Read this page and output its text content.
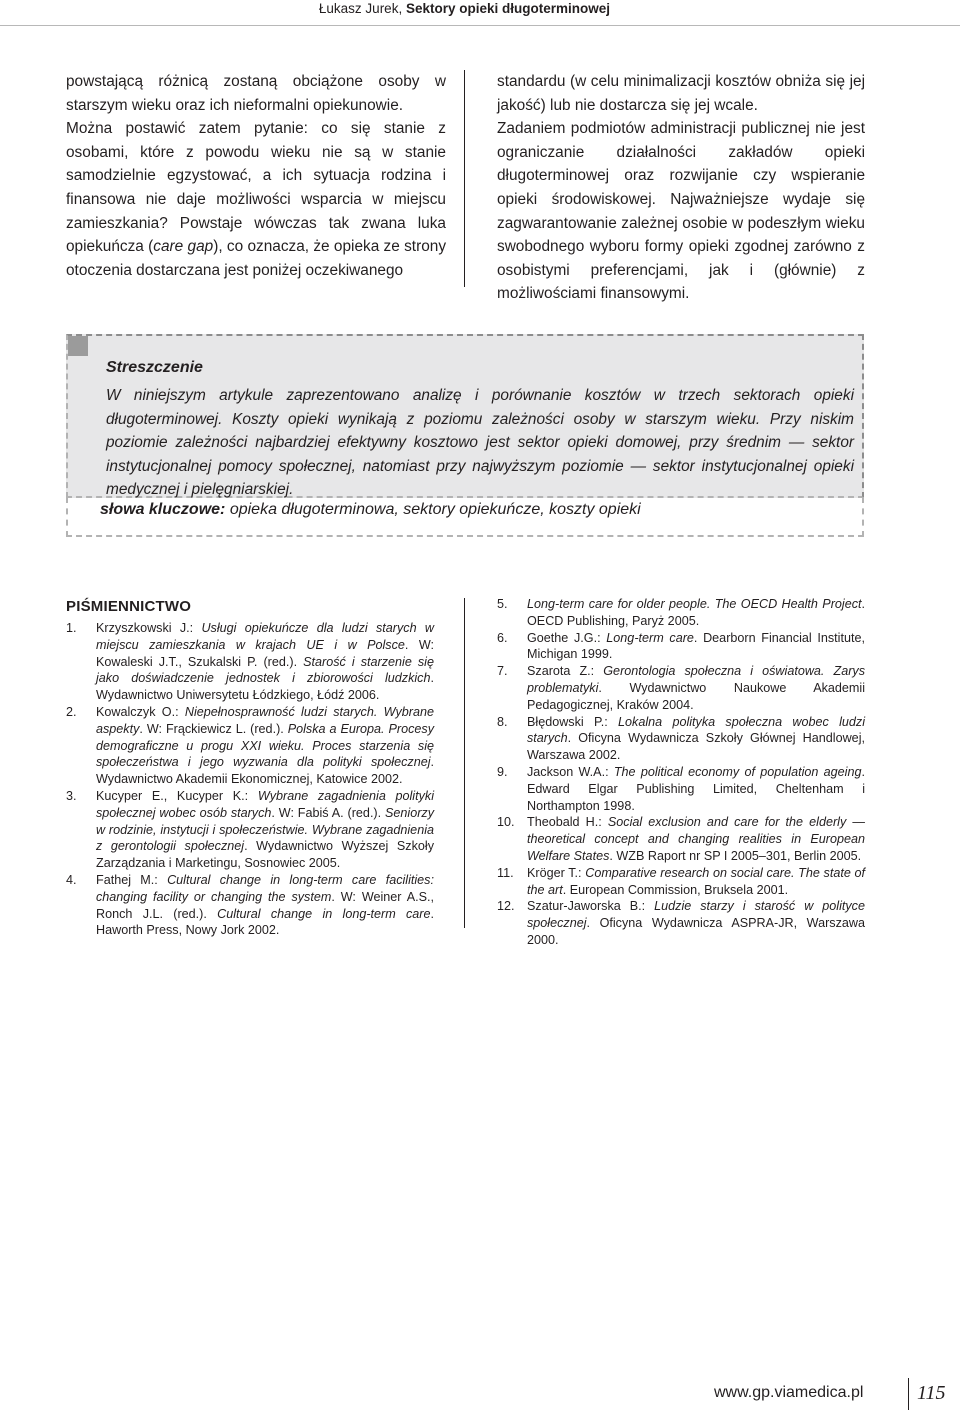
Łukasz Jurek, Sektory opieki długoterminowej

powstającą różnicą zostaną obciążone osoby w starszym wieku oraz ich nieformalni opiekunowie.

Można postawić zatem pytanie: co się stanie z osobami, które z powodu wieku nie są w stanie samodzielnie egzystować, a ich sytuacja rodzina i finansowa nie daje możliwości wsparcia w miejscu zamieszkania? Powstaje wówczas tak zwana luka opiekuńcza (care gap), co oznacza, że opieka ze strony otoczenia dostarczana jest poniżej oczekiwanego

standardu (w celu minimalizacji kosztów obniża się jej jakość) lub nie dostarcza się jej wcale.

Zadaniem podmiotów administracji publicznej nie jest ograniczanie działalności zakładów opieki długoterminowej oraz rozwijanie czy wspieranie opieki środowiskowej. Najważniejsze wydaje się zagwarantowanie zależnej osobie w podeszłym wieku swobodnego wyboru formy opieki zgodnej zarówno z osobistymi preferencjami, jak i (głównie) z możliwościami finansowymi.

Streszczenie
W niniejszym artykule zaprezentowano analizę i porównanie kosztów w trzech sektorach opieki długoterminowej. Koszty opieki wynikają z poziomu zależności osoby w starszym wieku. Przy niskim poziomie zależności najbardziej efektywny kosztowo jest sektor opieki domowej, przy średnim — sektor instytucjonalnej pomocy społecznej, natomiast przy najwyższym poziomie — sektor instytucjonalnej opieki medycznej i pielęgniarskiej.
słowa kluczowe: opieka długoterminowa, sektory opiekuńcze, koszty opieki
PIŚMIENNICTWO
1.	Krzyszkowski J.: Usługi opiekuńcze dla ludzi starych w miejscu zamieszkania w krajach UE i w Polsce. W: Kowaleski J.T., Szukalski P. (red.). Starość i starzenie się jako doświadczenie jednostek i zbiorowości ludzkich. Wydawnictwo Uniwersytetu Łódzkiego, Łódź 2006.
2.	Kowalczyk O.: Niepełnosprawność ludzi starych. Wybrane aspekty. W: Frąckiewicz L. (red.). Polska a Europa. Procesy demograficzne u progu XXI wieku. Proces starzenia się społeczeństwa i jego wyzwania dla polityki społecznej. Wydawnictwo Akademii Ekonomicznej, Katowice 2002.
3.	Kucyper E., Kucyper K.: Wybrane zagadnienia polityki społecznej wobec osób starych. W: Fabiś A. (red.). Seniorzy w rodzinie, instytucji i społeczeństwie. Wybrane zagadnienia z gerontologii społecznej. Wydawnictwo Wyższej Szkoły Zarządzania i Marketingu, Sosnowiec 2005.
4.	Fathej M.: Cultural change in long-term care facilities: changing facility or changing the system. W: Weiner A.S., Ronch J.L. (red.). Cultural change in long-term care. Haworth Press, Nowy Jork 2002.
5.	Long-term care for older people. The OECD Health Project. OECD Publishing, Paryż 2005.
6.	Goethe J.G.: Long-term care. Dearborn Financial Institute, Michigan 1999.
7.	Szarota Z.: Gerontologia społeczna i oświatowa. Zarys problematyki. Wydawnictwo Naukowe Akademii Pedagogicznej, Kraków 2004.
8.	Błędowski P.: Lokalna polityka społeczna wobec ludzi starych. Oficyna Wydawnicza Szkoły Głównej Handlowej, Warszawa 2002.
9.	Jackson W.A.: The political economy of population ageing. Edward Elgar Publishing Limited, Cheltenham i Northampton 1998.
10. Theobald H.: Social exclusion and care for the elderly — theoretical concept and changing realities in European Welfare States. WZB Raport nr SP I 2005–301, Berlin 2005.
11.	Kröger T.: Comparative research on social care. The state of the art. European Commission, Bruksela 2001.
12. Szatur-Jaworska B.: Ludzie starzy i starość w polityce społecznej. Oficyna Wydawnicza ASPRA-JR, Warszawa 2000.
www.gp.viamedica.pl	115
